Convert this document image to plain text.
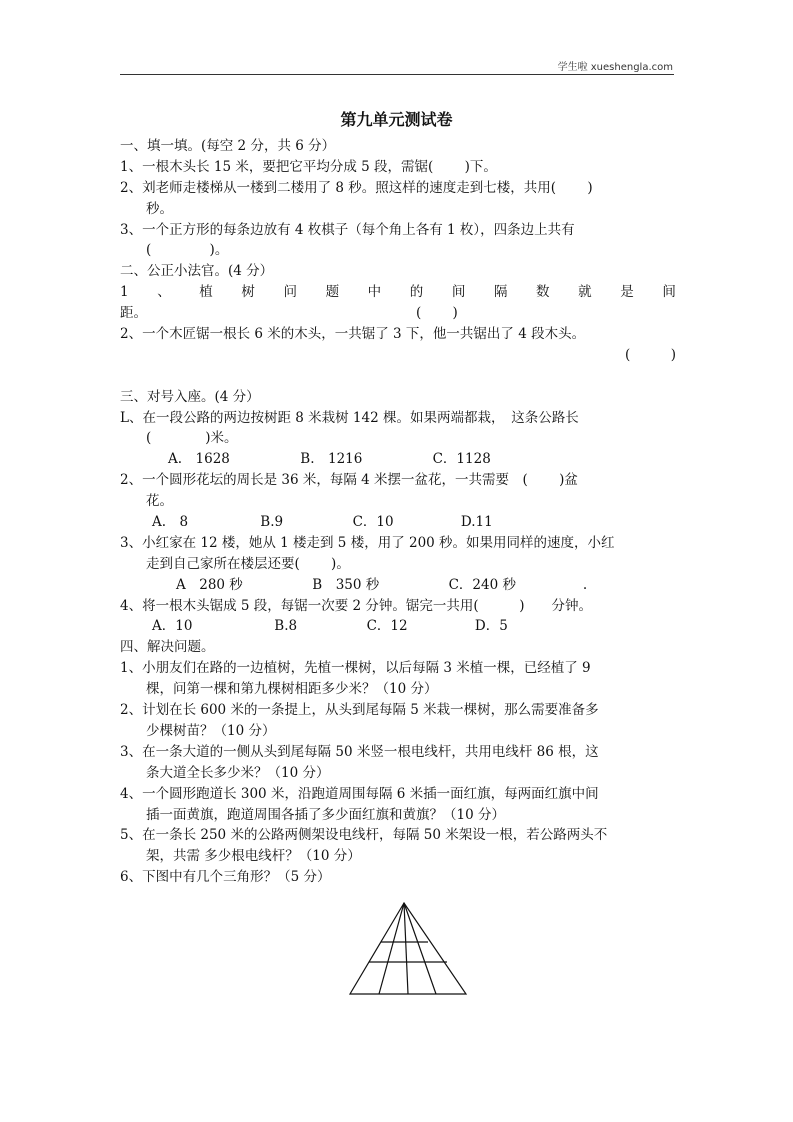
学生啦 xueshengla.com
第九单元测试卷
一、填一填。(每空 2 分，共 6 分）
1、一根木头长 15 米，要把它平均分成 5 段，需锯(　　 )下。
2、刘老师走楼梯从一楼到二楼用了 8 秒。照这样的速度走到七楼，共用(　　 )
秒。
3、一个正方形的每条边放有 4 枚棋子（每个角上各有 1 枚），四条边上共有
(　　　　 )。
二、公正小法官。(4 分）
1 、 植 树 问 题 中 的 间 隔 数 就 是 间
距。	(　　 )
2、一个木匠锯一根长 6 米的木头，一共锯了 3 下，他一共锯出了 4 段木头。
(　　　)
三、对号入座。(4 分）
L、在一段公路的两边按树距 8 米栽树 142 棵。如果两端都栽，　这条公路长
(　　　　)米。
A.　1628	B.　1216	C．1128
2、一个圆形花坛的周长是 36 米，每隔 4 米摆一盆花，一共需要　(　　 )盆
花。
A.　8	B.9	C．10	D.11
3、小红家在 12 楼，她从 1 楼走到 5 楼，用了 200 秒。如果用同样的速度，小红
走到自己家所在楼层还要(　　 )。
A　280 秒	B　350 秒	C．240 秒	.
4、将一根木头锯成 5 段，每锯一次要 2 分钟。锯完一共用(　　　)　　分钟。
A．10	B.8	C．12	D．5
四、解决问题。
1、小朋友们在路的一边植树，先植一棵树，以后每隔 3 米植一棵，已经植了 9
棵，问第一棵和第九棵树相距多少米？（10 分）
2、计划在长 600 米的一条提上，从头到尾每隔 5 米栽一棵树，那么需要准备多
少棵树苗？（10 分）
3、在一条大道的一侧从头到尾每隔 50 米竖一根电线杆，共用电线杆 86 根，这
条大道全长多少米？（10 分）
4、一个圆形跑道长 300 米，沿跑道周围每隔 6 米插一面红旗，每两面红旗中间
插一面黄旗，跑道周围各插了多少面红旗和黄旗？（10 分）
5、在一条长 250 米的公路两侧架设电线杆，每隔 50 米架设一根，若公路两头不
架，共需 多少根电线杆？（10 分）
6、下图中有几个三角形？（5 分）
